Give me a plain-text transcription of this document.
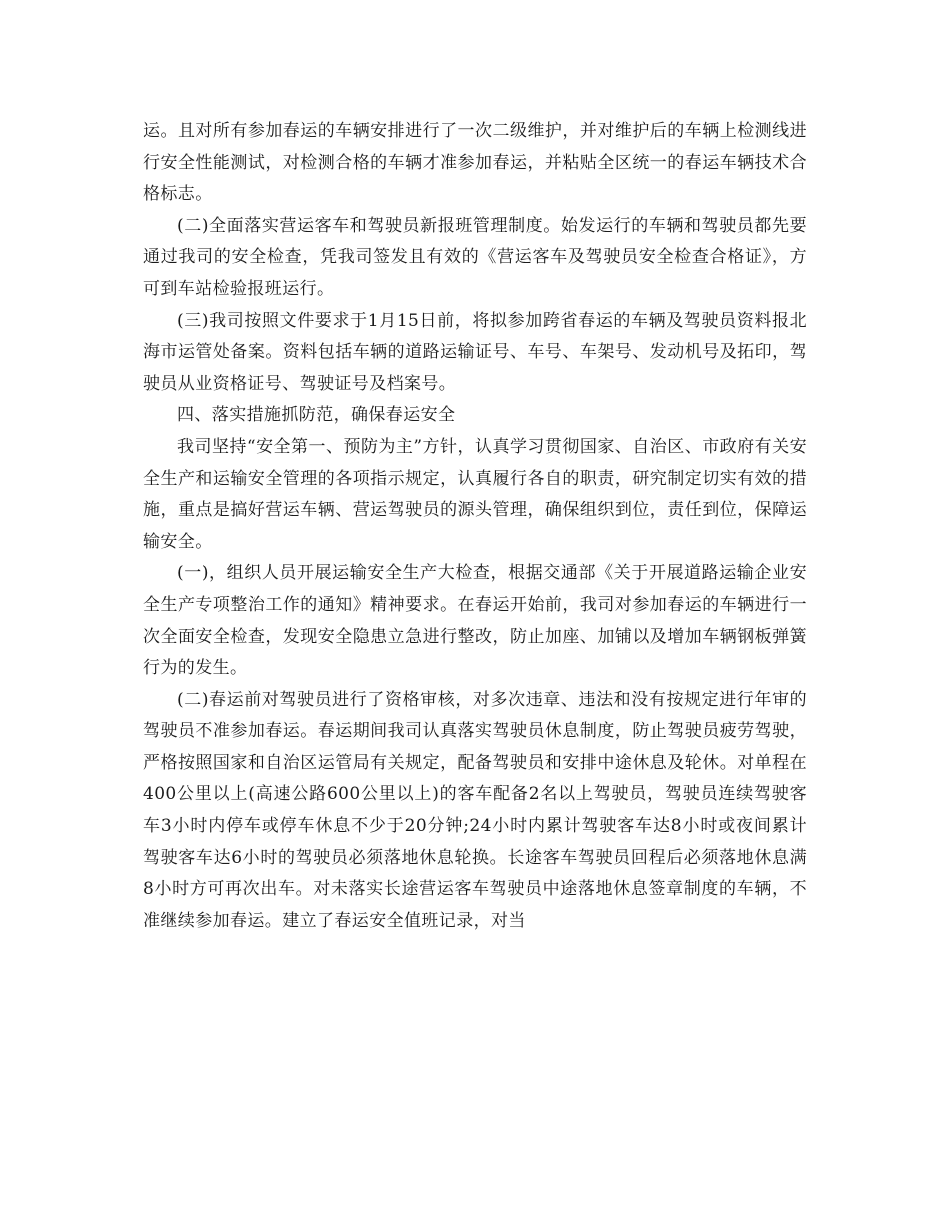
运。且对所有参加春运的车辆安排进行了一次二级维护，并对维护后的车辆上检测线进行安全性能测试，对检测合格的车辆才准参加春运，并粘贴全区统一的春运车辆技术合格标志。

(二)全面落实营运客车和驾驶员新报班管理制度。始发运行的车辆和驾驶员都先要通过我司的安全检查，凭我司签发且有效的《营运客车及驾驶员安全检查合格证》，方可到车站检验报班运行。

(三)我司按照文件要求于1月15日前，将拟参加跨省春运的车辆及驾驶员资料报北海市运管处备案。资料包括车辆的道路运输证号、车号、车架号、发动机号及拓印，驾驶员从业资格证号、驾驶证号及档案号。

四、落实措施抓防范，确保春运安全

我司坚持“安全第一、预防为主”方针，认真学习贯彻国家、自治区、市政府有关安全生产和运输安全管理的各项指示规定，认真履行各自的职责，研究制定切实有效的措施，重点是搞好营运车辆、营运驾驶员的源头管理，确保组织到位，责任到位，保障运输安全。

(一)，组织人员开展运输安全生产大检查，根据交通部《关于开展道路运输企业安全生产专项整治工作的通知》精神要求。在春运开始前，我司对参加春运的车辆进行一次全面安全检查，发现安全隐患立急进行整改，防止加座、加铺以及增加车辆钢板弹簧行为的发生。

(二)春运前对驾驶员进行了资格审核，对多次违章、违法和没有按规定进行年审的驾驶员不准参加春运。春运期间我司认真落实驾驶员休息制度，防止驾驶员疲劳驾驶，严格按照国家和自治区运管局有关规定，配备驾驶员和安排中途休息及轮休。对单程在400公里以上(高速公路600公里以上)的客车配备2名以上驾驶员，驾驶员连续驾驶客车3小时内停车或停车休息不少于20分钟;24小时内累计驾驶客车达8小时或夜间累计驾驶客车达6小时的驾驶员必须落地休息轮换。长途客车驾驶员回程后必须落地休息满8小时方可再次出车。对未落实长途营运客车驾驶员中途落地休息签章制度的车辆，不准继续参加春运。建立了春运安全值班记录，对当
